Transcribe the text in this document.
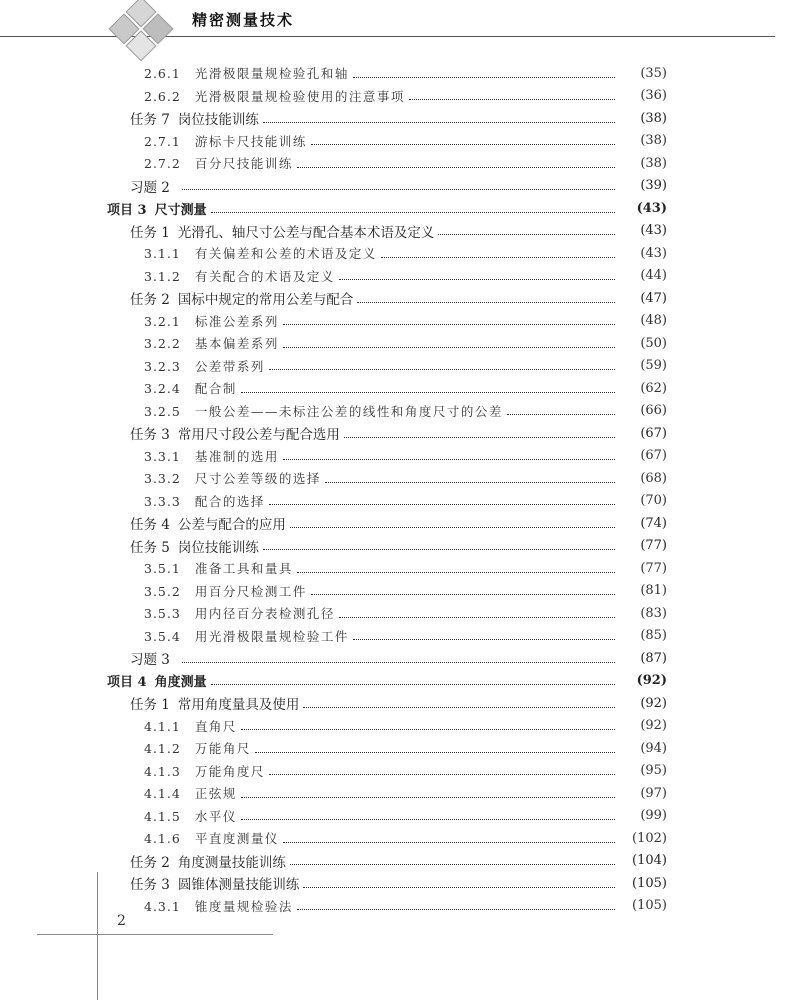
精密测量技术
2.6.1 光滑极限量规检验孔和轴	(35)
2.6.2 光滑极限量规检验使用的注意事项	(36)
任务 7 岗位技能训练	(38)
2.7.1 游标卡尺技能训练	(38)
2.7.2 百分尺技能训练	(38)
习题 2	(39)
项目 3 尺寸测量	(43)
任务 1 光滑孔、轴尺寸公差与配合基本术语及定义	(43)
3.1.1 有关偏差和公差的术语及定义	(43)
3.1.2 有关配合的术语及定义	(44)
任务 2 国标中规定的常用公差与配合	(47)
3.2.1 标准公差系列	(48)
3.2.2 基本偏差系列	(50)
3.2.3 公差带系列	(59)
3.2.4 配合制	(62)
3.2.5 一般公差——未标注公差的线性和角度尺寸的公差	(66)
任务 3 常用尺寸段公差与配合选用	(67)
3.3.1 基准制的选用	(67)
3.3.2 尺寸公差等级的选择	(68)
3.3.3 配合的选择	(70)
任务 4 公差与配合的应用	(74)
任务 5 岗位技能训练	(77)
3.5.1 准备工具和量具	(77)
3.5.2 用百分尺检测工件	(81)
3.5.3 用内径百分表检测孔径	(83)
3.5.4 用光滑极限量规检验工件	(85)
习题 3	(87)
项目 4 角度测量	(92)
任务 1 常用角度量具及使用	(92)
4.1.1 直角尺	(92)
4.1.2 万能角尺	(94)
4.1.3 万能角度尺	(95)
4.1.4 正弦规	(97)
4.1.5 水平仪	(99)
4.1.6 平直度测量仪	(102)
任务 2 角度测量技能训练	(104)
任务 3 圆锥体测量技能训练	(105)
4.3.1 锥度量规检验法	(105)
2
